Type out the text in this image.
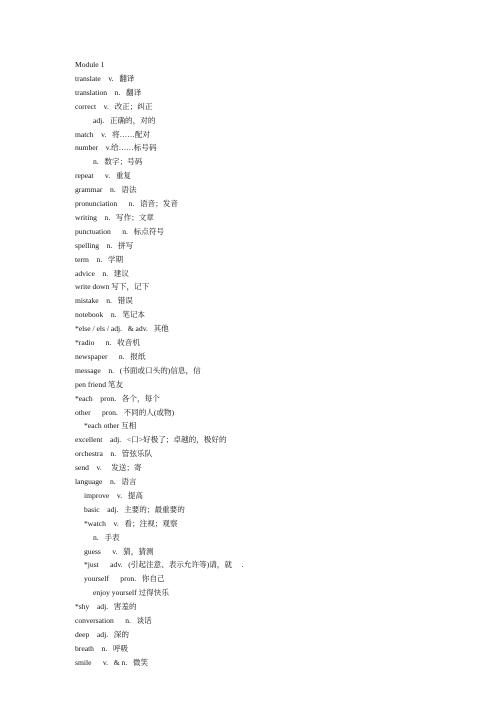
Module 1
translate    v.   翻译
translation    n.   翻译
correct    v.   改正；纠正
adj.   正确的，对的
match    v.   将……配对
number    v.给……标号码
n.   数字；号码
repeat      v.   重复
grammar    n.   语法
pronunciation      n.   语音；发音
writing    n.   写作；文章
punctuation      n.   标点符号
spelling    n.   拼写
term    n.   学期
advice    n.   建议
write down 写下，记下
mistake    n.   错误
notebook    n.   笔记本
*else / els / adj.   & adv.   其他
*radio      n.   收音机
newspaper      n.   报纸
message    n.   (书面或口头的)信息，信
pen friend 笔友
*each    pron.   各个，每个
other      pron.   不同的人(或物)
*each other 互相
excellent    adj.   <口>好极了；卓越的，极好的
orchestra    n.   管弦乐队
send    v.     发送；寄
language    n.   语言
improve    v.   提高
basic    adj.   主要的；最重要的
*watch    v.   看；注视；观察
n.   手表
guess      v.   猜，猜测
*just      adv.   (引起注意、表示允许等)请，就     .
yourself      pron.   你自己
enjoy yourself 过得快乐
*shy    adj.   害羞的
conversation      n.   谈话
deep    adj.   深的
breath    n.   呼吸
smile      v.   & n.   微笑
